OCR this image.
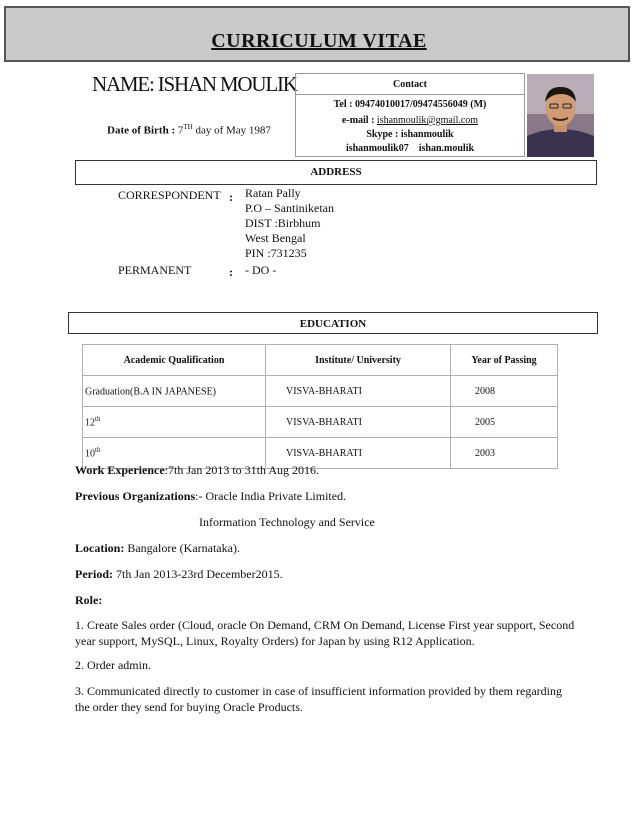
CURRICULUM VITAE
NAME: ISHAN MOULIK
Date of Birth : 7TH day of May 1987
Contact
Tel : 09474010017/09474556049 (M)
e-mail : ishanmoulik@gmail.com
Skype : ishanmoulik
ishanmoulik07    ishan.moulik
ADDRESS
CORRESPONDENT : Ratan Pally
P.O – Santiniketan
DIST :Birbhum
West Bengal
PIN :731235
PERMANENT	: - DO -
EDUCATION
Academic Qualification	Institute/ University	Year of Passing
Graduation(B.A IN JAPANESE)	VISVA-BHARATI	2008
12th	VISVA-BHARATI	2005
10th	VISVA-BHARATI	2003
Work Experience:7th Jan 2013 to 31th Aug 2016.
Previous Organizations:- Oracle India Private Limited.
Information Technology and Service
Location: Bangalore (Karnataka).
Period: 7th Jan 2013-23rd December2015.
Role:
1. Create Sales order (Cloud, oracle On Demand, CRM On Demand, License First year support, Second year support, MySQL, Linux, Royalty Orders) for Japan by using R12 Application.
2. Order admin.
3. Communicated directly to customer in case of insufficient information provided by them regarding the order they send for buying Oracle Products.
